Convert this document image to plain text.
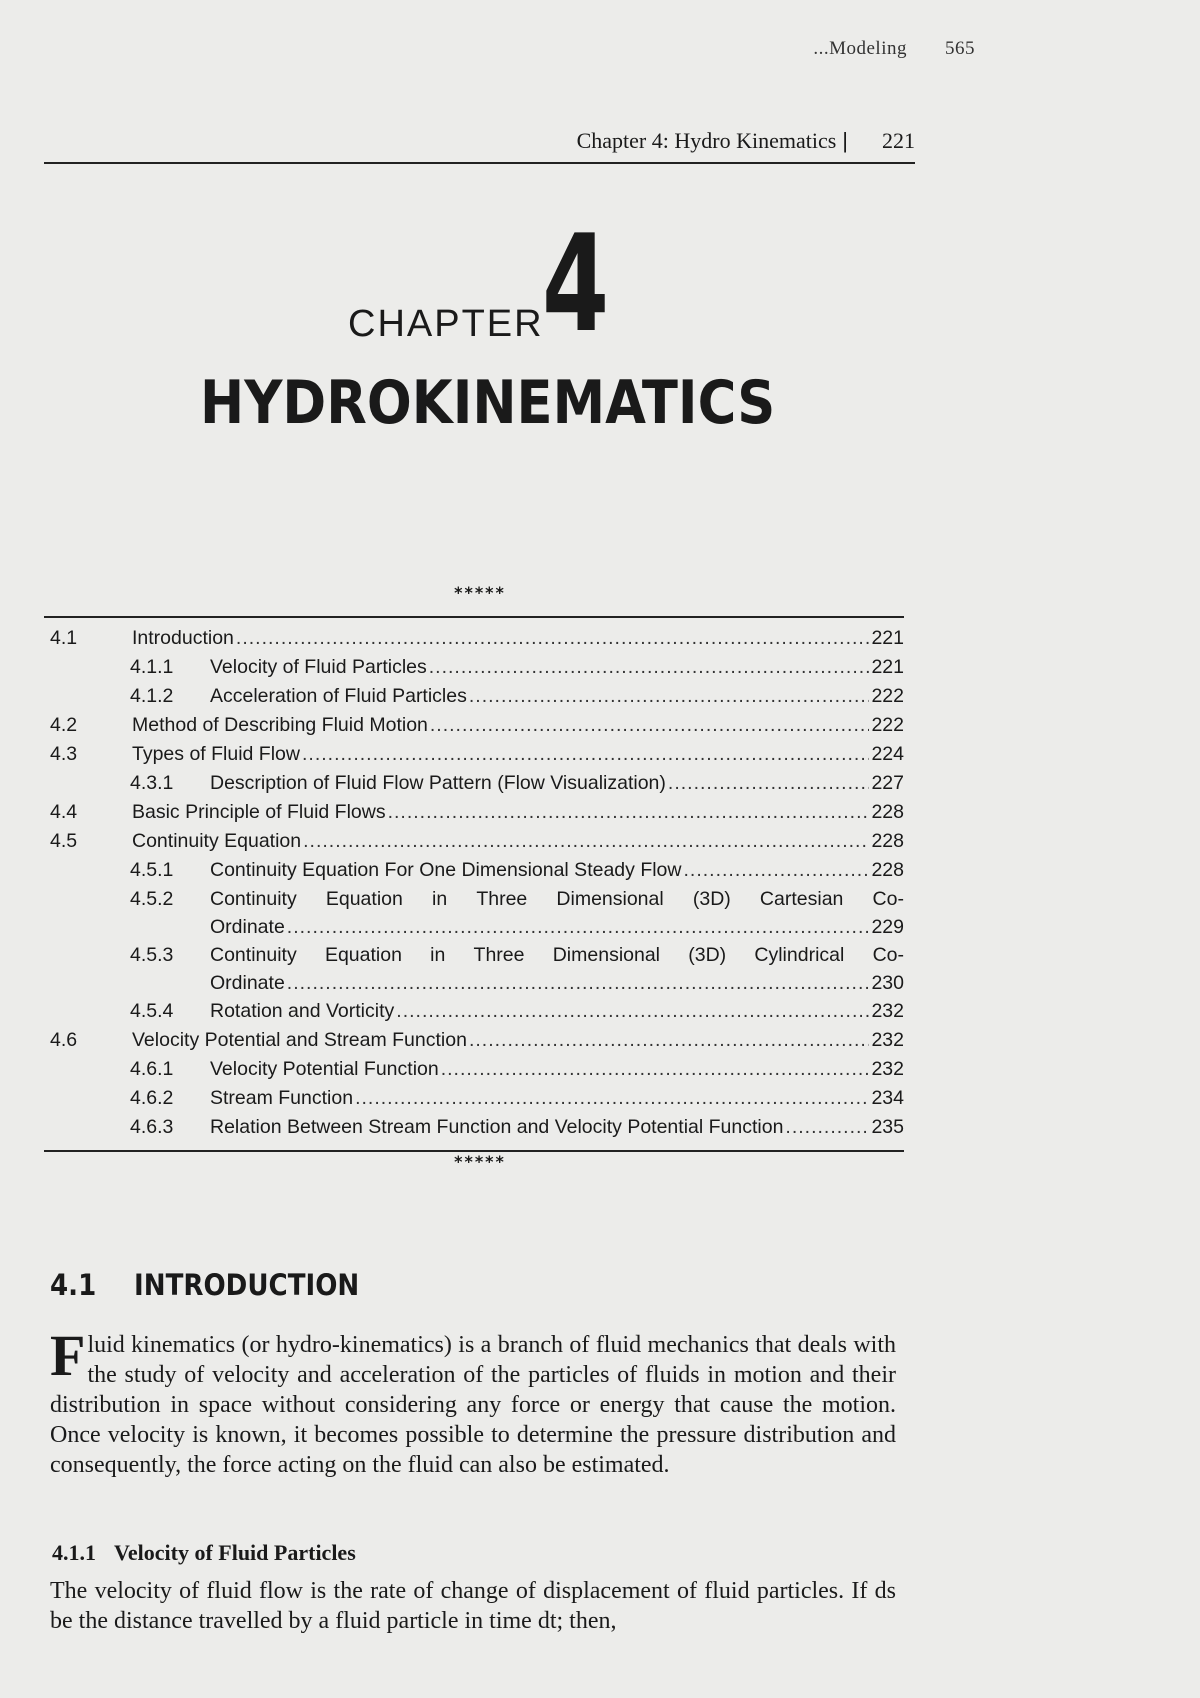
...Modeling 565
Chapter 4: Hydro Kinematics | 221
CHAPTER
4
HYDROKINEMATICS
*****
4.1	Introduction .....	221
4.1.1 Velocity of Fluid Particles .....	221
4.1.2 Acceleration of Fluid Particles .....	222
4.2	Method of Describing Fluid Motion .....	222
4.3	Types of Fluid Flow .....	224
4.3.1 Description of Fluid Flow Pattern (Flow Visualization) .....	227
4.4	Basic Principle of Fluid Flows .....	228
4.5	Continuity Equation .....	228
4.5.1 Continuity Equation For One Dimensional Steady Flow .....	228
4.5.2 Continuity Equation in Three Dimensional (3D) Cartesian Co-
Ordinate .....	229
4.5.3 Continuity Equation in Three Dimensional (3D) Cylindrical Co-
Ordinate .....	230
4.5.4 Rotation and Vorticity .....	232
4.6	Velocity Potential and Stream Function .....	232
4.6.1 Velocity Potential Function .....	232
4.6.2 Stream Function .....	234
4.6.3 Relation Between Stream Function and Velocity Potential Function .....	235
*****
4.1 INTRODUCTION
Fluid kinematics (or hydro-kinematics) is a branch of fluid mechanics that deals with the study of velocity and acceleration of the particles of fluids in motion and their distribution in space without considering any force or energy that cause the motion. Once velocity is known, it becomes possible to determine the pressure distribution and consequently, the force acting on the fluid can also be estimated.
4.1.1 Velocity of Fluid Particles
The velocity of fluid flow is the rate of change of displacement of fluid particles. If ds be the distance travelled by a fluid particle in time dt; then,
